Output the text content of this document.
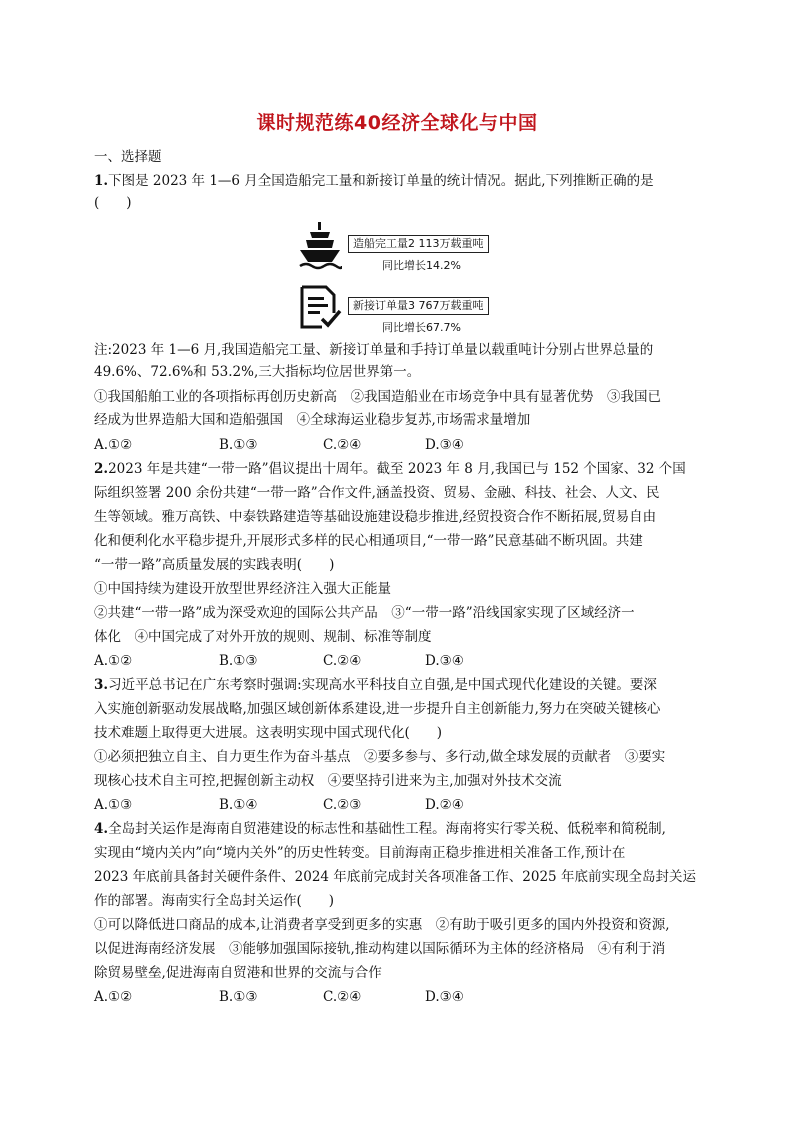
课时规范练40经济全球化与中国
一、选择题
1.下图是 2023 年 1—6 月全国造船完工量和新接订单量的统计情况。据此,下列推断正确的是
(　　)
造船完工量2 113万载重吨
同比增长14.2%
新接订单量3 767万载重吨
同比增长67.7%
注:2023 年 1—6 月,我国造船完工量、新接订单量和手持订单量以载重吨计分别占世界总量的
49.6%、72.6%和 53.2%,三大指标均位居世界第一。
①我国船舶工业的各项指标再创历史新高　②我国造船业在市场竞争中具有显著优势　③我国已
经成为世界造船大国和造船强国　④全球海运业稳步复苏,市场需求量增加
A.①②	B.①③	C.②④	D.③④
2.2023 年是共建“一带一路”倡议提出十周年。截至 2023 年 8 月,我国已与 152 个国家、32 个国
际组织签署 200 余份共建“一带一路”合作文件,涵盖投资、贸易、金融、科技、社会、人文、民
生等领域。雅万高铁、中泰铁路建造等基础设施建设稳步推进,经贸投资合作不断拓展,贸易自由
化和便利化水平稳步提升,开展形式多样的民心相通项目,“一带一路”民意基础不断巩固。共建
“一带一路”高质量发展的实践表明(　　)
①中国持续为建设开放型世界经济注入强大正能量
②共建“一带一路”成为深受欢迎的国际公共产品　③“一带一路”沿线国家实现了区域经济一
体化　④中国完成了对外开放的规则、规制、标准等制度
A.①②	B.①③	C.②④	D.③④
3.习近平总书记在广东考察时强调:实现高水平科技自立自强,是中国式现代化建设的关键。要深
入实施创新驱动发展战略,加强区域创新体系建设,进一步提升自主创新能力,努力在突破关键核心
技术难题上取得更大进展。这表明实现中国式现代化(　　)
①必须把独立自主、自力更生作为奋斗基点　②要多参与、多行动,做全球发展的贡献者　③要实
现核心技术自主可控,把握创新主动权　④要坚持引进来为主,加强对外技术交流
A.①③	B.①④	C.②③	D.②④
4.全岛封关运作是海南自贸港建设的标志性和基础性工程。海南将实行零关税、低税率和简税制,
实现由“境内关内”向“境内关外”的历史性转变。目前海南正稳步推进相关准备工作,预计在
2023 年底前具备封关硬件条件、2024 年底前完成封关各项准备工作、2025 年底前实现全岛封关运
作的部署。海南实行全岛封关运作(　　)
①可以降低进口商品的成本,让消费者享受到更多的实惠　②有助于吸引更多的国内外投资和资源,
以促进海南经济发展　③能够加强国际接轨,推动构建以国际循环为主体的经济格局　④有利于消
除贸易壁垒,促进海南自贸港和世界的交流与合作
A.①②	B.①③	C.②④	D.③④
